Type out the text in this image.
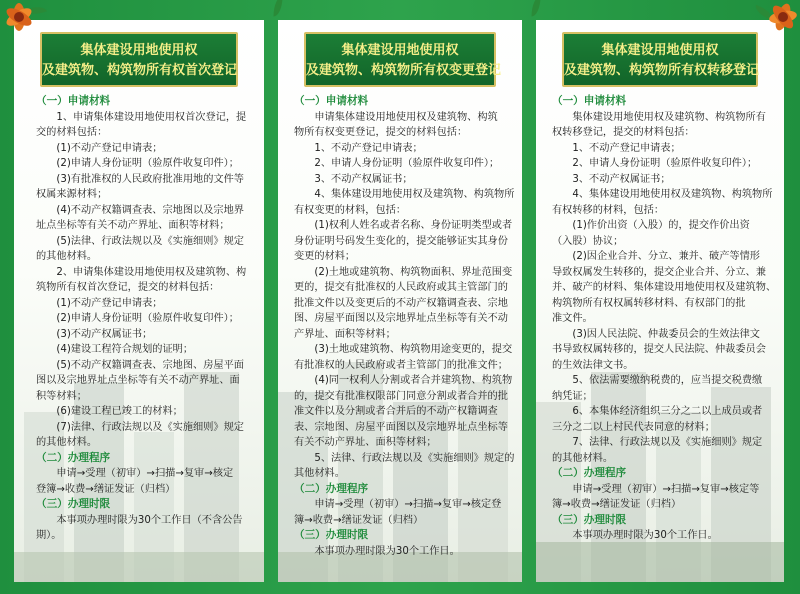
集体建设用地使用权
及建筑物、构筑物所有权首次登记
（一）申请材料
　　1、申请集体建设用地使用权首次登记，提
交的材料包括：
　　(1)不动产登记申请表；
　　(2)申请人身份证明（验原件收复印件）；
　　(3)有批准权的人民政府批准用地的文件等
权属来源材料；
　　(4)不动产权籍调查表、宗地图以及宗地界
址点坐标等有关不动产界址、面积等材料；
　　(5)法律、行政法规以及《实施细则》规定
的其他材料。
　　2、申请集体建设用地使用权及建筑物、构
筑物所有权首次登记，提交的材料包括：
　　(1)不动产登记申请表；
　　(2)申请人身份证明（验原件收复印件）；
　　(3)不动产权属证书；
　　(4)建设工程符合规划的证明；
　　(5)不动产权籍调查表、宗地图、房屋平面
图以及宗地界址点坐标等有关不动产界址、面
积等材料；
　　(6)建设工程已竣工的材料；
　　(7)法律、行政法规以及《实施细则》规定
的其他材料。
（二）办理程序
　　申请→受理（初审）→扫描→复审→核定
登簿→收费→缮证发证（归档）
（三）办理时限
　　本事项办理时限为30个工作日（不含公告
期）。
集体建设用地使用权
及建筑物、构筑物所有权变更登记
（一）申请材料
　　申请集体建设用地使用权及建筑物、构筑
物所有权变更登记，提交的材料包括：
　　1、不动产登记申请表；
　　2、申请人身份证明（验原件收复印件）；
　　3、不动产权属证书；
　　4、集体建设用地使用权及建筑物、构筑物所
有权变更的材料，包括：
　　(1)权利人姓名或者名称、身份证明类型或者
身份证明号码发生变化的，提交能够证实其身份
变更的材料；
　　(2)土地或建筑物、构筑物面积、界址范围变
更的，提交有批准权的人民政府或其主管部门的
批准文件以及变更后的不动产权籍调查表、宗地
图、房屋平面图以及宗地界址点坐标等有关不动
产界址、面积等材料；
　　(3)土地或建筑物、构筑物用途变更的，提交
有批准权的人民政府或者主管部门的批准文件；
　　(4)同一权利人分割或者合并建筑物、构筑物
的，提交有批准权限部门同意分割或者合并的批
准文件以及分割或者合并后的不动产权籍调查
表、宗地图、房屋平面图以及宗地界址点坐标等
有关不动产界址、面积等材料；
　　5、法律、行政法规以及《实施细则》规定的
其他材料。
（二）办理程序
　　申请→受理（初审）→扫描→复审→核定登
簿→收费→缮证发证（归档）
（三）办理时限
　　本事项办理时限为30个工作日。
集体建设用地使用权
及建筑物、构筑物所有权转移登记
（一）申请材料
　　集体建设用地使用权及建筑物、构筑物所有
权转移登记，提交的材料包括：
　　1、不动产登记申请表；
　　2、申请人身份证明（验原件收复印件）；
　　3、不动产权属证书；
　　4、集体建设用地使用权及建筑物、构筑物所
有权转移的材料，包括：
　　(1)作价出资（入股）的，提交作价出资
（入股）协议；
　　(2)因企业合并、分立、兼并、破产等情形
导致权属发生转移的，提交企业合并、分立、兼
并、破产的材料、集体建设用地使用权及建筑物、
构筑物所有权权属转移材料、有权部门的批
准文件。
　　(3)因人民法院、仲裁委员会的生效法律文
书导致权属转移的，提交人民法院、仲裁委员会
的生效法律文书。
　　5、依法需要缴纳税费的，应当提交税费缴
纳凭证；
　　6、本集体经济组织三分之二以上成员或者
三分之二以上村民代表同意的材料；
　　7、法律、行政法规以及《实施细则》规定
的其他材料。
（二）办理程序
　　申请→受理（初审）→扫描→复审→核定等
簿→收费→缮证发证（归档）
（三）办理时限
　　本事项办理时限为30个工作日。
